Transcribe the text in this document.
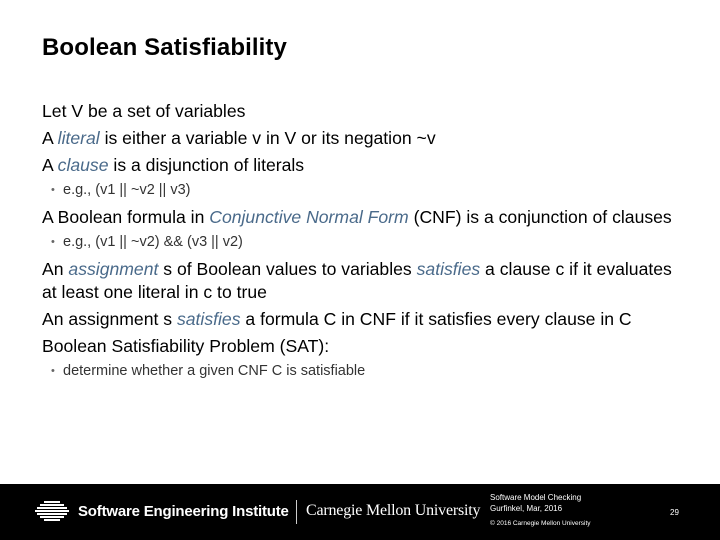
Boolean Satisfiability
Let V be a set of variables
A literal is either a variable v in V or its negation ~v
A clause is a disjunction of literals
• e.g., (v1 || ~v2 || v3)
A Boolean formula in Conjunctive Normal Form (CNF) is a conjunction of clauses
• e.g., (v1 || ~v2) && (v3 || v2)
An assignment s of Boolean values to variables satisfies a clause c if it evaluates at least one literal in c to true
An assignment s satisfies a formula C in CNF if it satisfies every clause in C
Boolean Satisfiability Problem (SAT):
• determine whether a given CNF C is satisfiable
Software Engineering Institute Carnegie Mellon University
Software Model Checking
Gurfinkel, Mar, 2016
© 2016 Carnegie Mellon University
29
